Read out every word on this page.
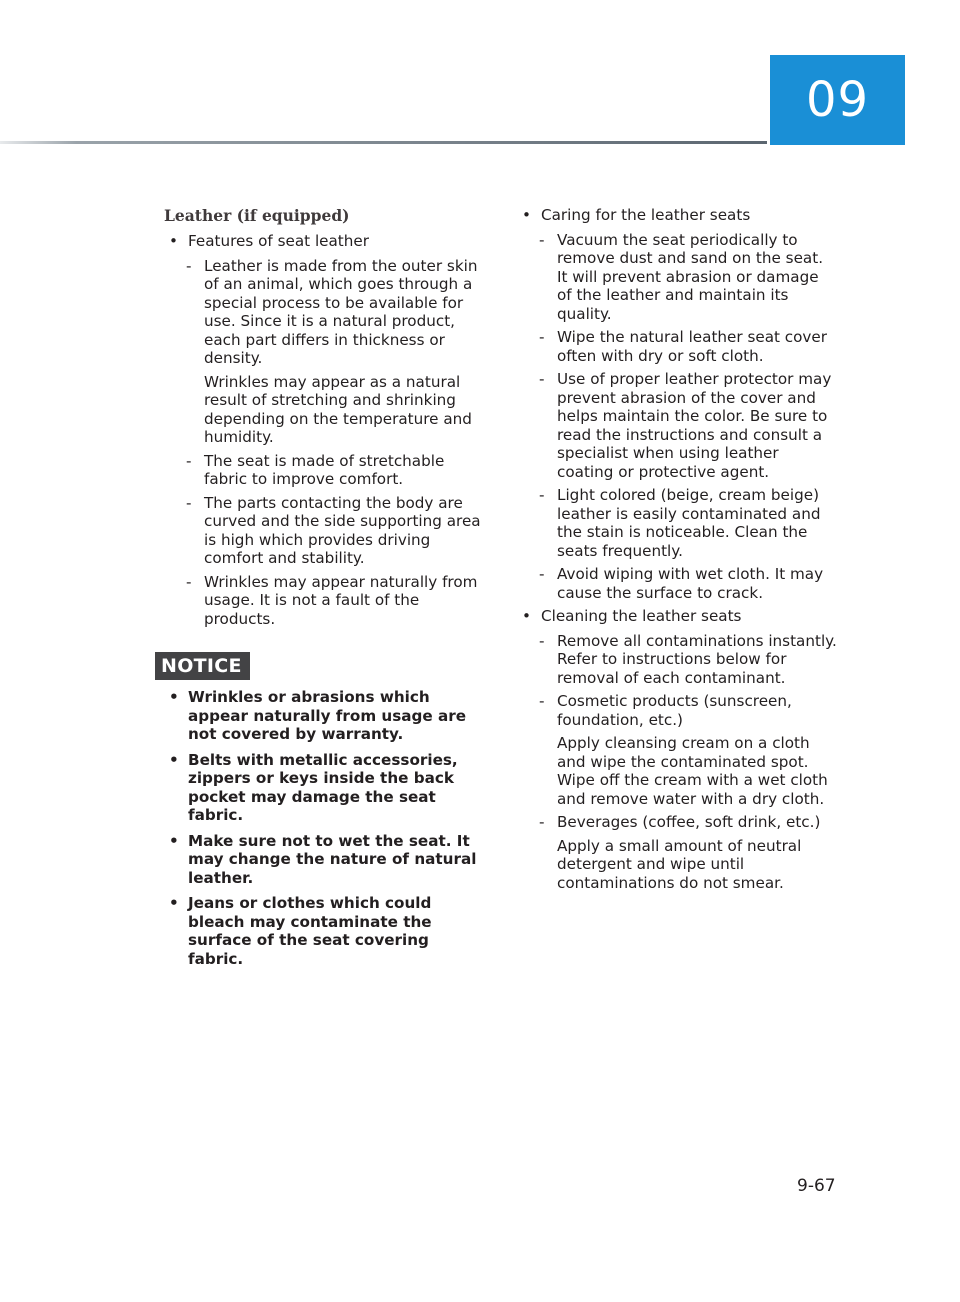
09
Leather (if equipped)
• Features of seat leather
- Leather is made from the outer skin of an animal, which goes through a special process to be available for use. Since it is a natural product, each part differs in thickness or density.
Wrinkles may appear as a natural result of stretching and shrinking depending on the temperature and humidity.
- The seat is made of stretchable fabric to improve comfort.
- The parts contacting the body are curved and the side supporting area is high which provides driving comfort and stability.
- Wrinkles may appear naturally from usage. It is not a fault of the products.
NOTICE
• Wrinkles or abrasions which appear naturally from usage are not covered by warranty.
• Belts with metallic accessories, zippers or keys inside the back pocket may damage the seat fabric.
• Make sure not to wet the seat. It may change the nature of natural leather.
• Jeans or clothes which could bleach may contaminate the surface of the seat covering fabric.
• Caring for the leather seats
- Vacuum the seat periodically to remove dust and sand on the seat. It will prevent abrasion or damage of the leather and maintain its quality.
- Wipe the natural leather seat cover often with dry or soft cloth.
- Use of proper leather protector may prevent abrasion of the cover and helps maintain the color. Be sure to read the instructions and consult a specialist when using leather coating or protective agent.
- Light colored (beige, cream beige) leather is easily contaminated and the stain is noticeable. Clean the seats frequently.
- Avoid wiping with wet cloth. It may cause the surface to crack.
• Cleaning the leather seats
- Remove all contaminations instantly. Refer to instructions below for removal of each contaminant.
- Cosmetic products (sunscreen, foundation, etc.)
Apply cleansing cream on a cloth and wipe the contaminated spot. Wipe off the cream with a wet cloth and remove water with a dry cloth.
- Beverages (coffee, soft drink, etc.)
Apply a small amount of neutral detergent and wipe until contaminations do not smear.
9-67
